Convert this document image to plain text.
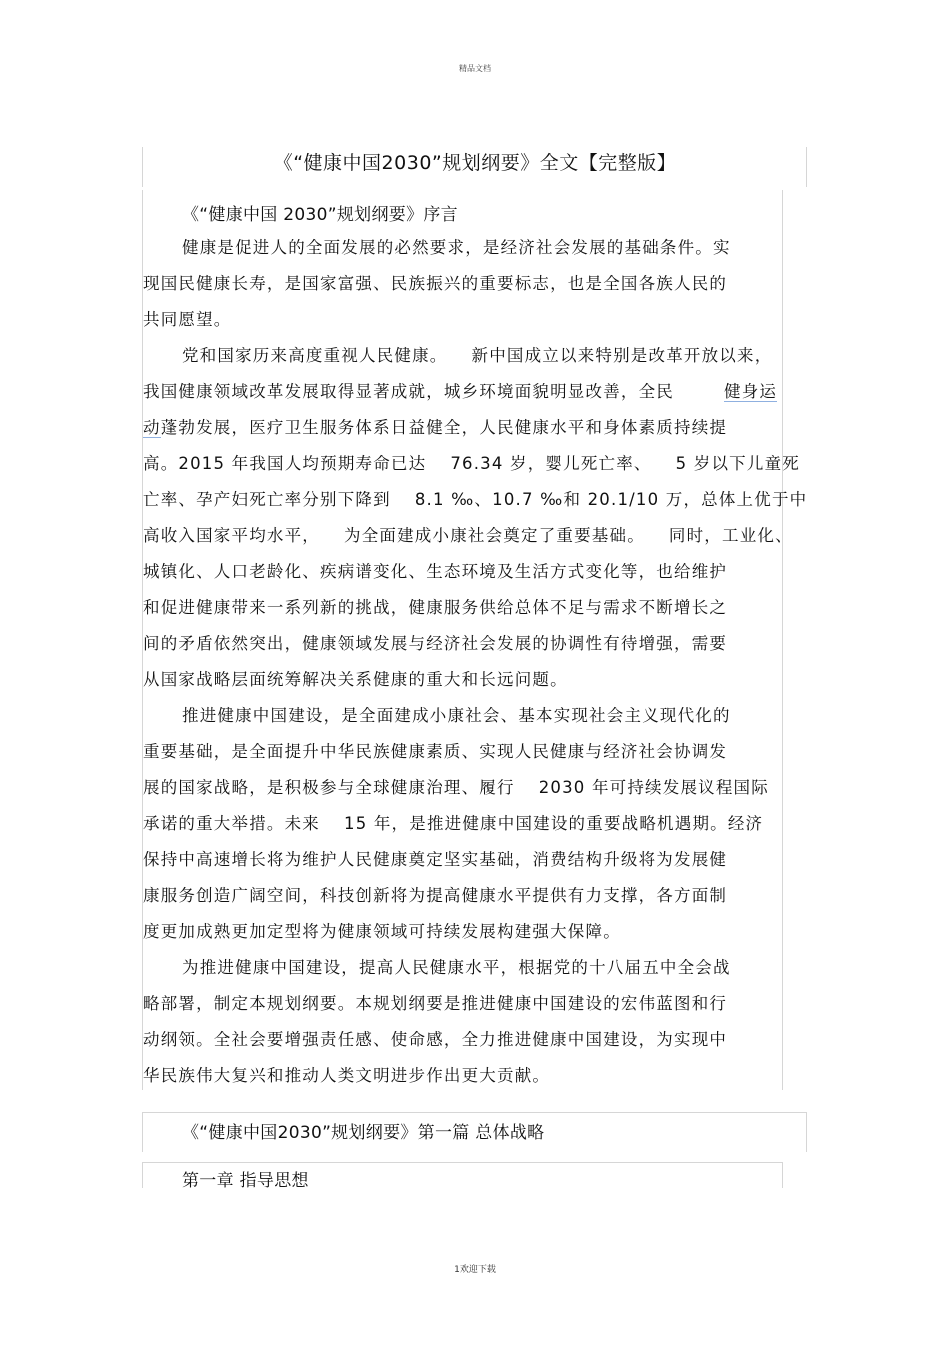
精品文档
《“健康中国2030”规划纲要》全文【完整版】
《“健康中国 2030”规划纲要》序言
健康是促进人的全面发展的必然要求，是经济社会发展的基础条件。实
现国民健康长寿，是国家富强、民族振兴的重要标志，也是全国各族人民的
共同愿望。
党和国家历来高度重视人民健康。 新中国成立以来特别是改革开放以来，
我国健康领域改革发展取得显著成就，城乡环境面貌明显改善，全民	健身运
动蓬勃发展，医疗卫生服务体系日益健全，人民健康水平和身体素质持续提
高。2015 年我国人均预期寿命已达 76.34 岁，婴儿死亡率、 5 岁以下儿童死
亡率、孕产妇死亡率分别下降到 8.1 ‰、10.7 ‰和 20.1/10 万，总体上优于中
高收入国家平均水平， 为全面建成小康社会奠定了重要基础。 同时，工业化、
城镇化、人口老龄化、疾病谱变化、生态环境及生活方式变化等，也给维护
和促进健康带来一系列新的挑战，健康服务供给总体不足与需求不断增长之
间的矛盾依然突出，健康领域发展与经济社会发展的协调性有待增强，需要
从国家战略层面统筹解决关系健康的重大和长远问题。
推进健康中国建设，是全面建成小康社会、基本实现社会主义现代化的
重要基础，是全面提升中华民族健康素质、实现人民健康与经济社会协调发
展的国家战略，是积极参与全球健康治理、履行 2030 年可持续发展议程国际
承诺的重大举措。未来 15 年，是推进健康中国建设的重要战略机遇期。经济
保持中高速增长将为维护人民健康奠定坚实基础，消费结构升级将为发展健
康服务创造广阔空间，科技创新将为提高健康水平提供有力支撑，各方面制
度更加成熟更加定型将为健康领域可持续发展构建强大保障。
为推进健康中国建设，提高人民健康水平，根据党的十八届五中全会战
略部署，制定本规划纲要。本规划纲要是推进健康中国建设的宏伟蓝图和行
动纲领。全社会要增强责任感、使命感，全力推进健康中国建设，为实现中
华民族伟大复兴和推动人类文明进步作出更大贡献。
《“健康中国2030”规划纲要》第一篇 总体战略
第一章 指导思想
1欢迎下载
